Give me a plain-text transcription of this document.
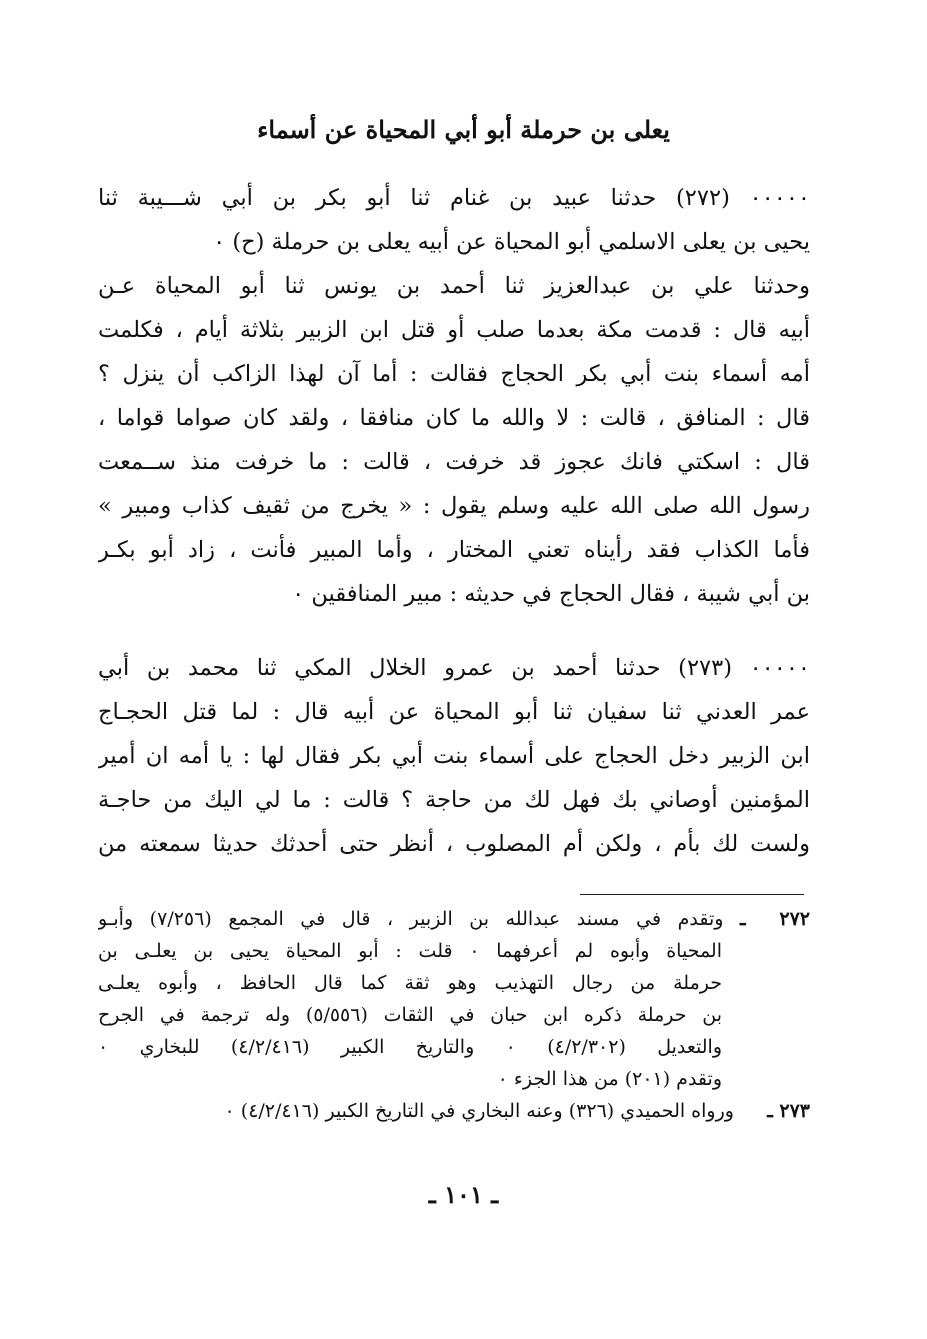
يعلى بن حرملة أبو أبي المحياة عن أسماء
٠٠٠٠٠ (٢٧٢) حدثنا عبيد بن غنام ثنا أبو بكر بن أبي شـــيبة ثنا
يحيى بن يعلى الاسلمي أبو المحياة عن أبيه يعلى بن حرملة (ح) ٠
وحدثنا علي بن عبدالعزيز ثنا أحمد بن يونس ثنا أبو المحياة عـن
أبيه قال : قدمت مكة بعدما صلب أو قتل ابن الزبير بثلاثة أيام ، فكلمت
أمه أسماء بنت أبي بكر الحجاج فقالت : أما آن لهذا الزاكب أن ينزل ؟
قال : المنافق ، قالت : لا والله ما كان منافقا ، ولقد كان صواما قواما ،
قال : اسكتي فانك عجوز قد خرفت ، قالت : ما خرفت منذ ســمعت
رسول الله صلى الله عليه وسلم يقول : « يخرج من ثقيف كذاب ومبير »
فأما الكذاب فقد رأيناه تعني المختار ، وأما المبير فأنت ، زاد أبو بكـر
بن أبي شيبة ، فقال الحجاج في حديثه : مبير المنافقين ٠
٠٠٠٠٠ (٢٧٣) حدثنا أحمد بن عمرو الخلال المكي ثنا محمد بن أبي
عمر العدني ثنا سفيان ثنا أبو المحياة عن أبيه قال : لما قتل الحجـاج
ابن الزبير دخل الحجاج على أسماء بنت أبي بكر فقال لها : يا أمه ان أمير
المؤمنين أوصاني بك فهل لك من حاجة ؟ قالت : ما لي اليك من حاجـة
ولست لك بأم ، ولكن أم المصلوب ، أنظر حتى أحدثك حديثا سمعته من
٢٧٢ ـ وتقدم في مسند عبدالله بن الزبير ، قال في المجمع (٧/٢٥٦) وأبـو
المحياة وأبوه لم أعرفهما ٠ قلت : أبو المحياة يحيى بن يعلـى بن
حرملة من رجال التهذيب وهو ثقة كما قال الحافظ ، وأبوه يعلـى
بن حرملة ذكره ابن حبان في الثقات (٥/٥٥٦) وله ترجمة في الجرح
والتعديل (٤/٢/٣٠٢) ٠ والتاريخ الكبير (٤/٢/٤١٦) للبخاري ٠
وتقدم (٢٠١) من هذا الجزء ٠
٢٧٣ ـ ورواه الحميدي (٣٢٦) وعنه البخاري في التاريخ الكبير (٤/٢/٤١٦) ٠
ـ ١٠١ ـ
